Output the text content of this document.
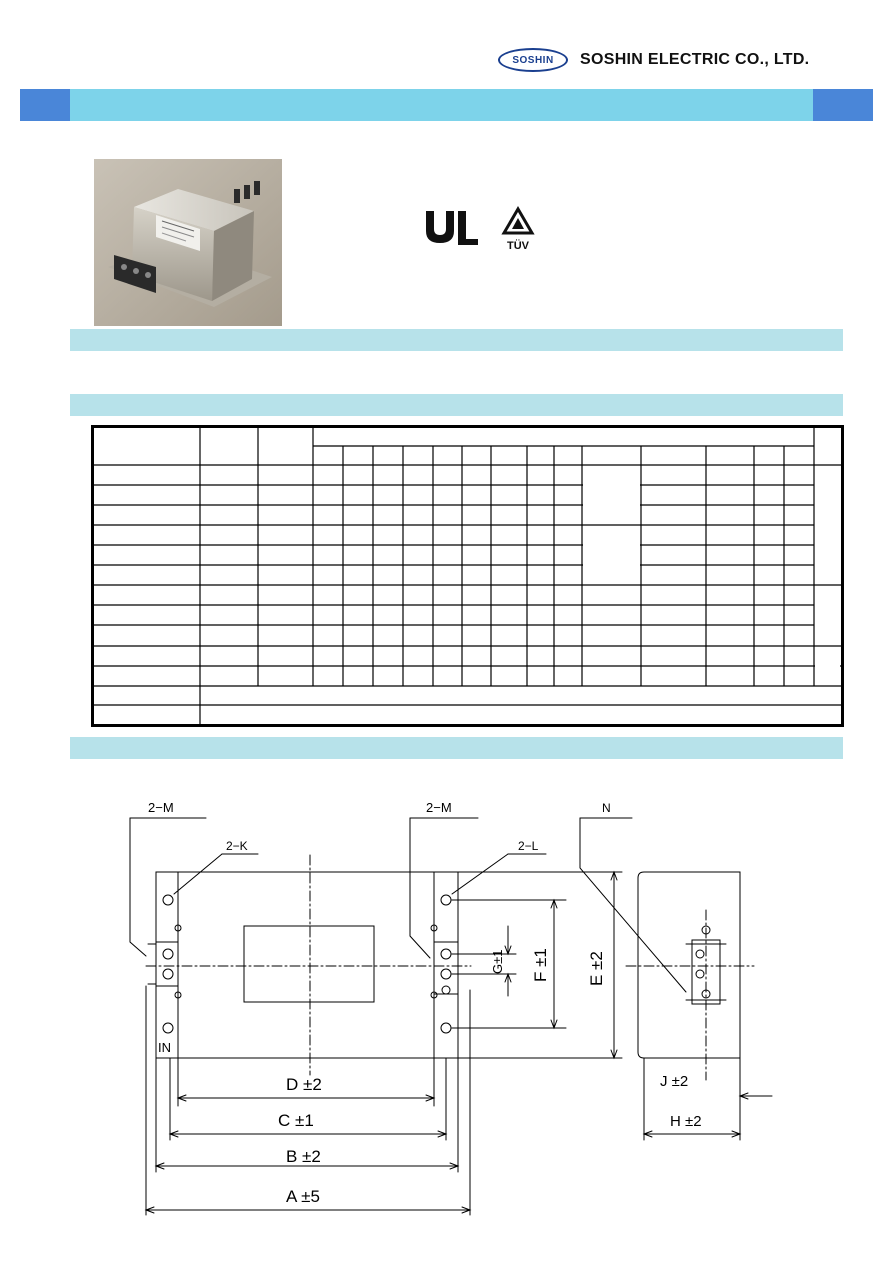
SOSHIN	SOSHIN ELECTRIC CO., LTD.
TÜV
2−M	2−M	N
2−K	2−L
IN
D ±2
C ±1
B ±2
A ±5
J ±2
H ±2
E ±2
F ±1
G±1
